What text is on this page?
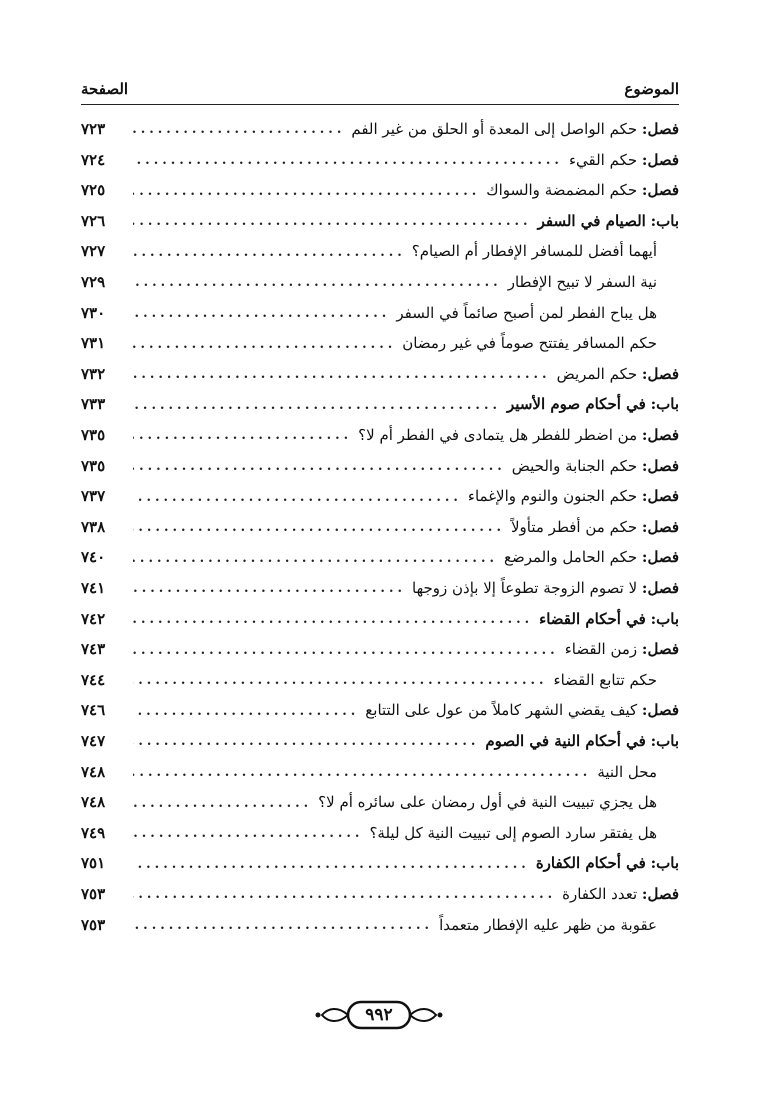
الموضوع
الصفحة
فصل: حكم الواصل إلى المعدة أو الحلق من غير الفم
.....
٧٢٣
فصل: حكم القيء
.....
٧٢٤
فصل: حكم المضمضة والسواك
.....
٧٢٥
باب: الصيام في السفر
.....
٧٢٦
أيهما أفضل للمسافر الإفطار أم الصيام؟
.....
٧٢٧
نية السفر لا تبيح الإفطار
.....
٧٢٩
هل يباح الفطر لمن أصبح صائماً في السفر
.....
٧٣٠
حكم المسافر يفتتح صوماً في غير رمضان
.....
٧٣١
فصل: حكم المريض
.....
٧٣٢
باب: في أحكام صوم الأسير
.....
٧٣٣
فصل: من اضطر للفطر هل يتمادى في الفطر أم لا؟
.....
٧٣٥
فصل: حكم الجنابة والحيض
.....
٧٣٥
فصل: حكم الجنون والنوم والإغماء
.....
٧٣٧
فصل: حكم من أفطر متأولاً
.....
٧٣٨
فصل: حكم الحامل والمرضع
.....
٧٤٠
فصل: لا تصوم الزوجة تطوعاً إلا بإذن زوجها
.....
٧٤١
باب: في أحكام القضاء
.....
٧٤٢
فصل: زمن القضاء
.....
٧٤٣
حكم تتابع القضاء
.....
٧٤٤
فصل: كيف يقضي الشهر كاملاً من عول على التتابع
.....
٧٤٦
باب: في أحكام النية في الصوم
.....
٧٤٧
محل النية
.....
٧٤٨
هل يجزي تبييت النية في أول رمضان على سائره أم لا؟
.....
٧٤٨
هل يفتقر سارد الصوم إلى تبييت النية كل ليلة؟
.....
٧٤٩
باب: في أحكام الكفارة
.....
٧٥١
فصل: تعدد الكفارة
.....
٧٥٣
عقوبة من ظهر عليه الإفطار متعمداً
.....
٧٥٣
٩٩٢
